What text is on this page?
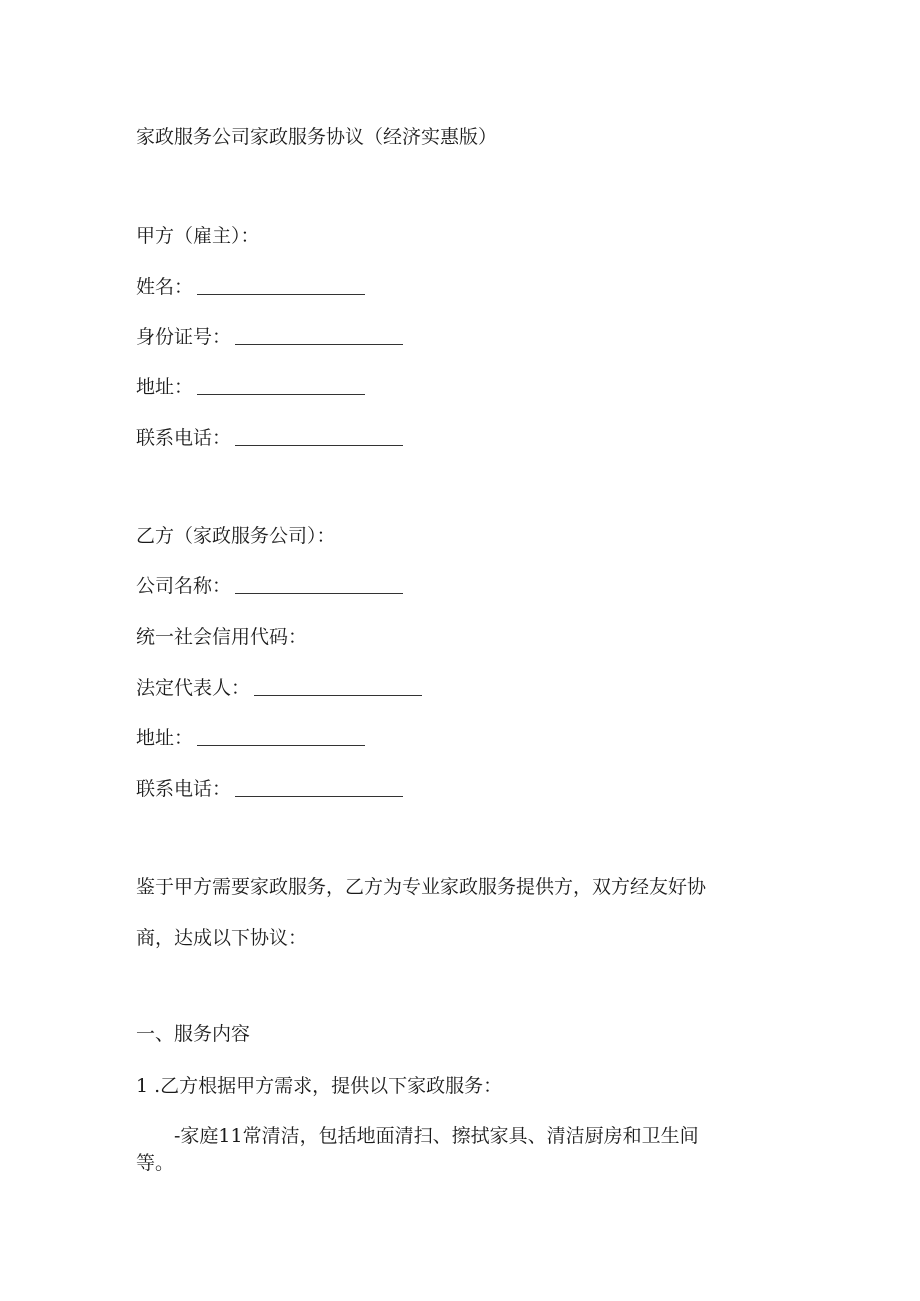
家政服务公司家政服务协议（经济实惠版）
甲方（雇主）：
姓名：
身份证号：
地址：
联系电话：
乙方（家政服务公司）：
公司名称：
统一社会信用代码：
法定代表人：
地址：
联系电话：
鉴于甲方需要家政服务，乙方为专业家政服务提供方，双方经友好协
商，达成以下协议：
一、服务内容
1 .乙方根据甲方需求，提供以下家政服务：
-家庭11常清洁，包括地面清扫、擦拭家具、清洁厨房和卫生间
等。
